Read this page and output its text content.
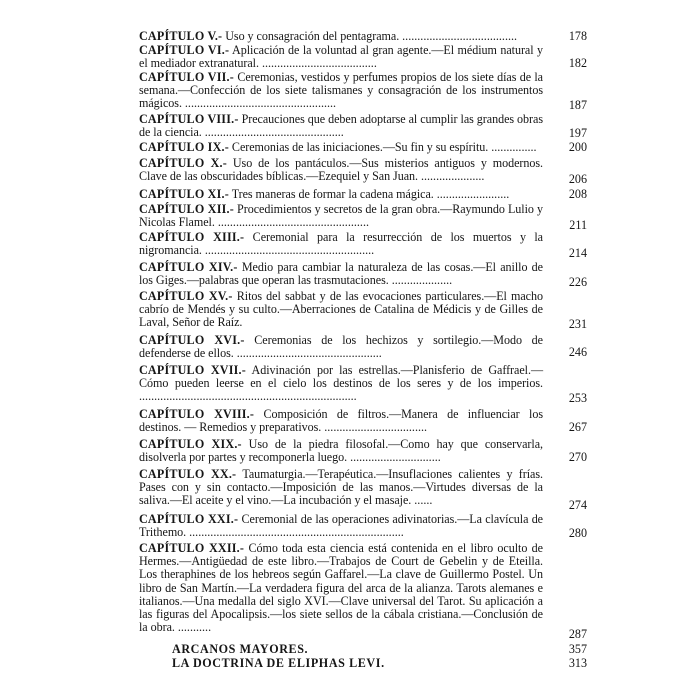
CAPÍTULO V.- Uso y consagración del pentagrama. ......................................	178
CAPÍTULO VI.- Aplicación de la voluntad al gran agente.—El médium natural y el mediador extranatural. ......................................	182
CAPÍTULO VII.- Ceremonias, vestidos y perfumes propios de los siete días de la semana.—Confección de los siete talismanes y consagración de los instrumentos mágicos. ..................................................	187
CAPÍTULO VIII.- Precauciones que deben adoptarse al cumplir las grandes obras de la ciencia. ..............................................	197
CAPÍTULO IX.- Ceremonias de las iniciaciones.—Su fin y su espíritu. ...............	200
CAPÍTULO X.- Uso de los pantáculos.—Sus misterios antiguos y modernos. Clave de las obscuridades bíblicas.—Ezequiel y San Juan. .....................	206
CAPÍTULO XI.- Tres maneras de formar la cadena mágica. ........................	208
CAPÍTULO XII.- Procedimientos y secretos de la gran obra.—Raymundo Lulio y Nicolas Flamel. ..................................................	211
CAPÍTULO XIII.- Ceremonial para la resurrección de los muertos y la nigromancia. ........................................................	214
CAPÍTULO XIV.- Medio para cambiar la naturaleza de las cosas.—El anillo de los Giges.—palabras que operan las trasmutaciones. ....................	226
CAPÍTULO XV.- Ritos del sabbat y de las evocaciones particulares.—El macho cabrío de Mendés y su culto.—Aberraciones de Catalina de Médicis y de Gilles de Laval, Señor de Raíz.	231
CAPÍTULO XVI.- Ceremonias de los hechizos y sortilegio.—Modo de defenderse de ellos. ................................................	246
CAPÍTULO XVII.- Adivinación por las estrellas.—Planisferio de Gaffrael.—Cómo pueden leerse en el cielo los destinos de los seres y de los imperios. ........................................................................	253
CAPÍTULO XVIII.- Composición de filtros.—Manera de influenciar los destinos. — Remedios y preparativos. ..................................	267
CAPÍTULO XIX.- Uso de la piedra filosofal.—Como hay que conservarla, disolverla por partes y recomponerla luego. ..............................	270
CAPÍTULO XX.- Taumaturgia.—Terapéutica.—Insuflaciones calientes y frías. Pases con y sin contacto.—Imposición de las manos.—Virtudes diversas de la saliva.—El aceite y el vino.—La incubación y el masaje. ......	274
CAPÍTULO XXI.- Ceremonial de las operaciones adivinatorias.—La clavícula de Trithemo. .......................................................................	280
CAPÍTULO XXII.- Cómo toda esta ciencia está contenida en el libro oculto de Hermes.—Antigüedad de este libro.—Trabajos de Court de Gebelin y de Eteilla. Los theraphines de los hebreos según Gaffarel.—La clave de Guillermo Postel. Un libro de San Martín.—La verdadera figura del arca de la alianza. Tarots alemanes e italianos.—Una medalla del siglo XVI.—Clave universal del Tarot. Su aplicación a las figuras del Apocalipsis.—los siete sellos de la cábala cristiana.—Conclusión de la obra. ...........	287
ARCANOS MAYORES.	357
LA DOCTRINA DE ELIPHAS LEVI.	313
